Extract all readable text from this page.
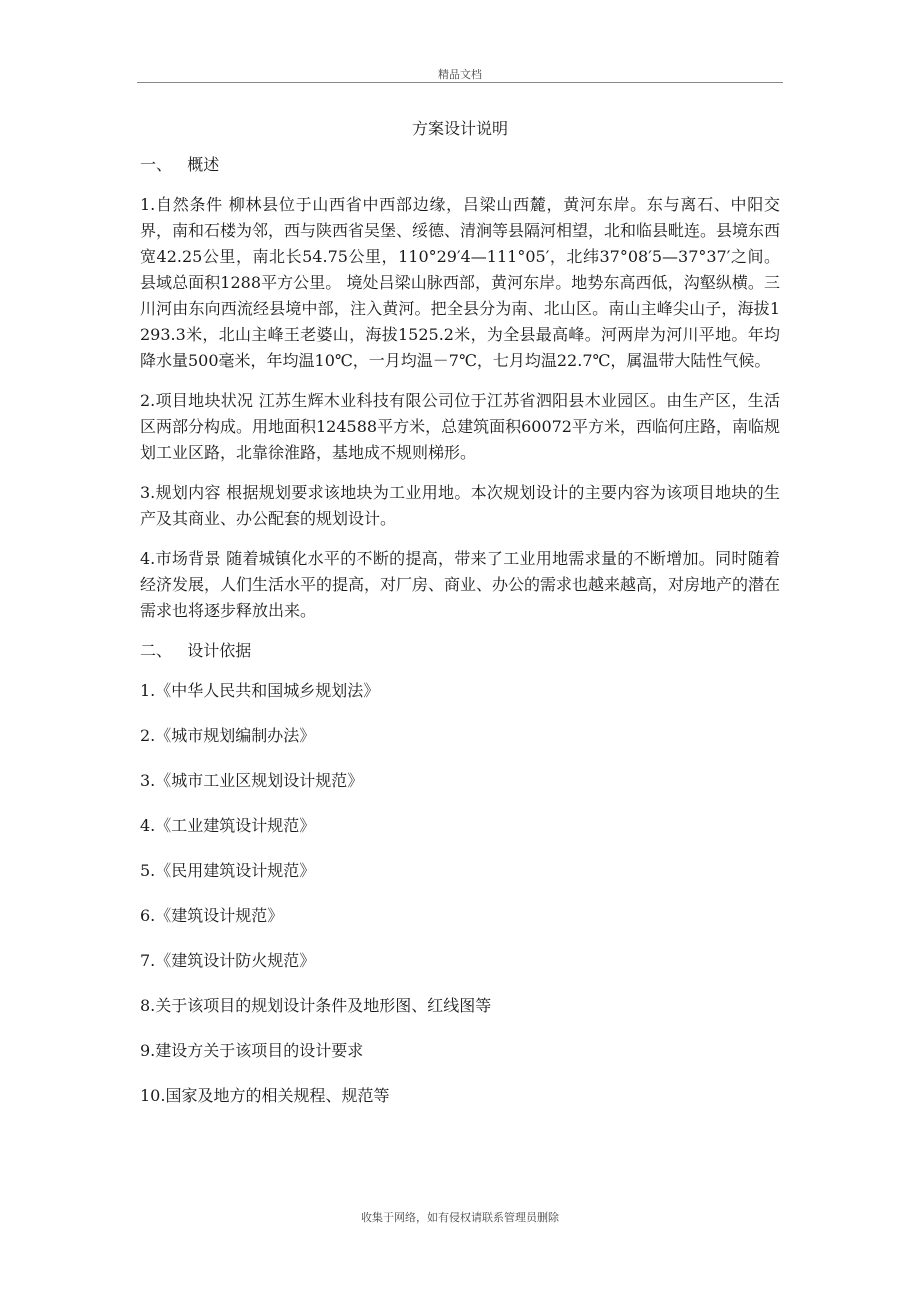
精品文档
方案设计说明
一、   概述

1.自然条件 柳林县位于山西省中西部边缘，吕梁山西麓，黄河东岸。东与离石、中阳交界，南和石楼为邻，西与陕西省吴堡、绥德、清涧等县隔河相望，北和临县毗连。县境东西宽42.25公里，南北长54.75公里，110°29′4—111°05′，北纬37°08′5—37°37′之间。县域总面积1288平方公里。 境处吕梁山脉西部，黄河东岸。地势东高西低，沟壑纵横。三川河由东向西流经县境中部，注入黄河。把全县分为南、北山区。南山主峰尖山子，海拔1293.3米，北山主峰王老婆山，海拔1525.2米，为全县最高峰。河两岸为河川平地。年均降水量500毫米，年均温10℃，一月均温－7℃，七月均温22.7℃，属温带大陆性气候。

2.项目地块状况 江苏生辉木业科技有限公司位于江苏省泗阳县木业园区。由生产区，生活区两部分构成。用地面积124588平方米，总建筑面积60072平方米，西临何庄路，南临规划工业区路，北靠徐淮路，基地成不规则梯形。

3.规划内容 根据规划要求该地块为工业用地。本次规划设计的主要内容为该项目地块的生产及其商业、办公配套的规划设计。

4.市场背景 随着城镇化水平的不断的提高，带来了工业用地需求量的不断增加。同时随着经济发展，人们生活水平的提高，对厂房、商业、办公的需求也越来越高，对房地产的潜在需求也将逐步释放出来。

二、   设计依据
1.《中华人民共和国城乡规划法》
2.《城市规划编制办法》
3.《城市工业区规划设计规范》
4.《工业建筑设计规范》
5.《民用建筑设计规范》
6.《建筑设计规范》
7.《建筑设计防火规范》
8.关于该项目的规划设计条件及地形图、红线图等
9.建设方关于该项目的设计要求
10.国家及地方的相关规程、规范等
收集于网络，如有侵权请联系管理员删除
